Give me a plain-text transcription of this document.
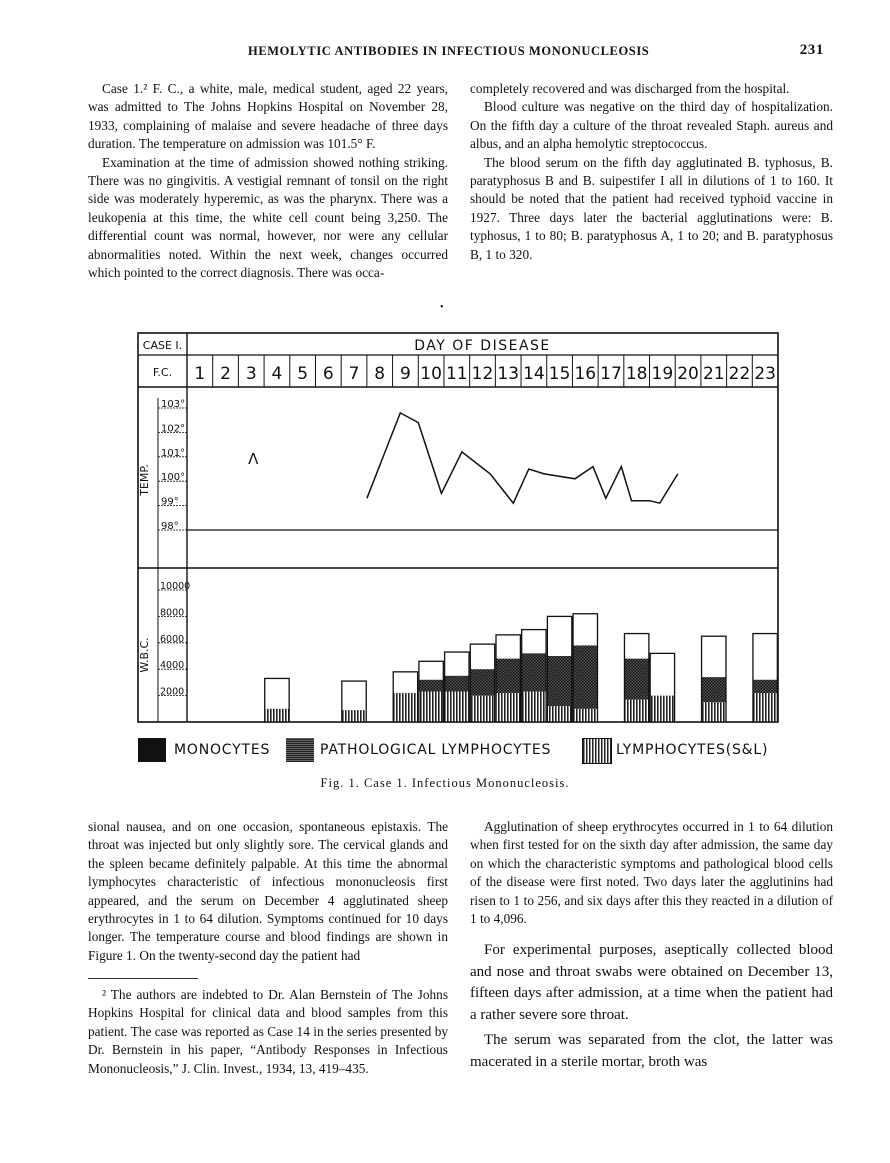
HEMOLYTIC ANTIBODIES IN INFECTIOUS MONONUCLEOSIS	231

Case 1.² F. C., a white, male, medical student, aged 22 years, was admitted to The Johns Hopkins Hospital on November 28, 1933, complaining of malaise and severe headache of three days duration. The temperature on admission was 101.5° F.

Examination at the time of admission showed nothing striking. There was no gingivitis. A vestigial remnant of tonsil on the right side was moderately hyperemic, as was the pharynx. There was a leukopenia at this time, the white cell count being 3,250. The differential count was normal, however, nor were any cellular abnormalities noted. Within the next week, changes occurred which pointed to the correct diagnosis. There was occa-

completely recovered and was discharged from the hospital.

Blood culture was negative on the third day of hospitalization. On the fifth day a culture of the throat revealed Staph. aureus and albus, and an alpha hemolytic streptococcus.

The blood serum on the fifth day agglutinated B. typhosus, B. paratyphosus B and B. suipestifer I all in dilutions of 1 to 160. It should be noted that the patient had received typhoid vaccine in 1927. Three days later the bacterial agglutinations were: B. typhosus, 1 to 80; B. paratyphosus A, 1 to 20; and B. paratyphosus B, 1 to 320.

•
CASE I.
F.C.
DAY OF DISEASE
1 2 3 4 5 6 7 8 9 10 11 12 13 14 15 16 17 18 19 20 21 22 23
103°
102°
101°
100°
99°
98°
TEMP.
Λ
10000
8000
6000
4000
2000
W.B.C.
MONOCYTES	PATHOLOGICAL LYMPHOCYTES	LYMPHOCYTES(S&L)
Fig. 1. Case 1. Infectious Mononucleosis.

sional nausea, and on one occasion, spontaneous epistaxis. The throat was injected but only slightly sore. The cervical glands and the spleen became definitely palpable. At this time the abnormal lymphocytes characteristic of infectious mononucleosis first appeared, and the serum on December 4 agglutinated sheep erythrocytes in 1 to 64 dilution. Symptoms continued for 10 days longer. The temperature course and blood findings are shown in Figure 1. On the twenty-second day the patient had

² The authors are indebted to Dr. Alan Bernstein of The Johns Hopkins Hospital for clinical data and blood samples from this patient. The case was reported as Case 14 in the series presented by Dr. Bernstein in his paper, “Antibody Responses in Infectious Mononucleosis,” J. Clin. Invest., 1934, 13, 419–435.

Agglutination of sheep erythrocytes occurred in 1 to 64 dilution when first tested for on the sixth day after admission, the same day on which the characteristic symptoms and pathological blood cells of the disease were first noted. Two days later the agglutinins had risen to 1 to 256, and six days after this they reacted in a dilution of 1 to 4,096.

For experimental purposes, aseptically collected blood and nose and throat swabs were obtained on December 13, fifteen days after admission, at a time when the patient had a rather severe sore throat.

The serum was separated from the clot, the latter was macerated in a sterile mortar, broth was
